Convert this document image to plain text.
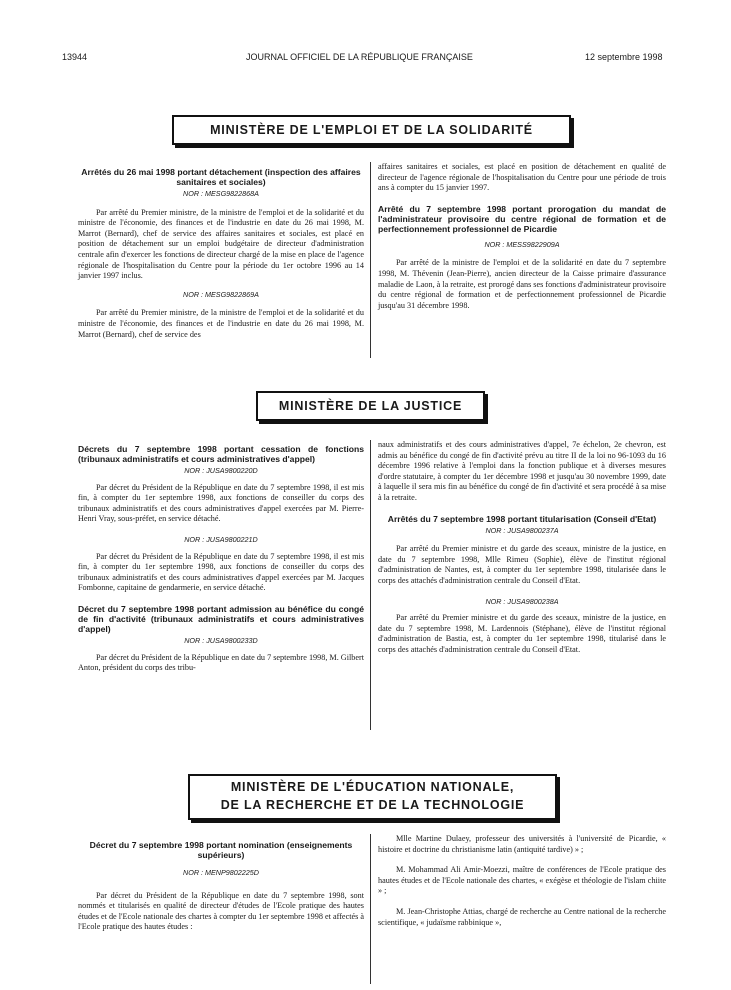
13944	JOURNAL OFFICIEL DE LA RÉPUBLIQUE FRANÇAISE	12 septembre 1998
MINISTÈRE DE L'EMPLOI ET DE LA SOLIDARITÉ

Arrêtés du 26 mai 1998 portant détachement (inspection des affaires sanitaires et sociales)

NOR : MESG9822868A

Par arrêté du Premier ministre, de la ministre de l'emploi et de la solidarité et du ministre de l'économie, des finances et de l'industrie en date du 26 mai 1998, M. Marrot (Bernard), chef de service des affaires sanitaires et sociales, est placé en position de détachement sur un emploi budgétaire de directeur d'administration centrale afin d'exercer les fonctions de directeur chargé de la mise en place de l'agence régionale de l'hospitalisation du Centre pour la période du 1er octobre 1996 au 14 janvier 1997 inclus.

NOR : MESG9822869A

Par arrêté du Premier ministre, de la ministre de l'emploi et de la solidarité et du ministre de l'économie, des finances et de l'industrie en date du 26 mai 1998, M. Marrot (Bernard), chef de service des

affaires sanitaires et sociales, est placé en position de détachement en qualité de directeur de l'agence régionale de l'hospitalisation du Centre pour une période de trois ans à compter du 15 janvier 1997.

Arrêté du 7 septembre 1998 portant prorogation du mandat de l'administrateur provisoire du centre régional de formation et de perfectionnement professionnel de Picardie

NOR : MESS9822909A

Par arrêté de la ministre de l'emploi et de la solidarité en date du 7 septembre 1998, M. Thévenin (Jean-Pierre), ancien directeur de la Caisse primaire d'assurance maladie de Laon, à la retraite, est prorogé dans ses fonctions d'administrateur provisoire du centre régional de formation et de perfectionnement professionnel de Picardie jusqu'au 31 décembre 1998.

MINISTÈRE DE LA JUSTICE

Décrets du 7 septembre 1998 portant cessation de fonctions (tribunaux administratifs et cours administratives d'appel)

NOR : JUSA9800220D

Par décret du Président de la République en date du 7 septembre 1998, il est mis fin, à compter du 1er septembre 1998, aux fonctions de conseiller du corps des tribunaux administratifs et des cours administratives d'appel exercées par M. Pierre-Henri Vray, sous-préfet, en service détaché.

NOR : JUSA9800221D

Par décret du Président de la République en date du 7 septembre 1998, il est mis fin, à compter du 1er septembre 1998, aux fonctions de conseiller du corps des tribunaux administratifs et des cours administratives d'appel exercées par M. Jacques Fombonne, capitaine de gendarmerie, en service détaché.

Décret du 7 septembre 1998 portant admission au bénéfice du congé de fin d'activité (tribunaux administratifs et cours administratives d'appel)

NOR : JUSA9800233D

Par décret du Président de la République en date du 7 septembre 1998, M. Gilbert Anton, président du corps des tribu-

naux administratifs et des cours administratives d'appel, 7e échelon, 2e chevron, est admis au bénéfice du congé de fin d'activité prévu au titre II de la loi no 96-1093 du 16 décembre 1996 relative à l'emploi dans la fonction publique et à diverses mesures d'ordre statutaire, à compter du 1er décembre 1998 et jusqu'au 30 novembre 1999, date à laquelle il sera mis fin au bénéfice du congé de fin d'activité et sera procédé à sa mise à la retraite.

Arrêtés du 7 septembre 1998 portant titularisation (Conseil d'Etat)

NOR : JUSA9800237A

Par arrêté du Premier ministre et du garde des sceaux, ministre de la justice, en date du 7 septembre 1998, Mlle Rimeu (Sophie), élève de l'institut régional d'administration de Nantes, est, à compter du 1er septembre 1998, titularisée dans le corps des attachés d'administration centrale du Conseil d'Etat.

NOR : JUSA9800238A

Par arrêté du Premier ministre et du garde des sceaux, ministre de la justice, en date du 7 septembre 1998, M. Lardennois (Stéphane), élève de l'institut régional d'administration de Bastia, est, à compter du 1er septembre 1998, titularisé dans le corps des attachés d'administration centrale du Conseil d'Etat.

MINISTÈRE DE L'ÉDUCATION NATIONALE,
DE LA RECHERCHE ET DE LA TECHNOLOGIE

Décret du 7 septembre 1998 portant nomination (enseignements supérieurs)

NOR : MENP9802225D

Par décret du Président de la République en date du 7 septembre 1998, sont nommés et titularisés en qualité de directeur d'études de l'Ecole pratique des hautes études et de l'Ecole nationale des chartes à compter du 1er septembre 1998 et affectés à l'Ecole pratique des hautes études :

Mlle Martine Dulaey, professeur des universités à l'université de Picardie, « histoire et doctrine du christianisme latin (antiquité tardive) » ;

M. Mohammad Ali Amir-Moezzi, maître de conférences de l'Ecole pratique des hautes études et de l'Ecole nationale des chartes, « exégèse et théologie de l'islam chiite » ;

M. Jean-Christophe Attias, chargé de recherche au Centre national de la recherche scientifique, « judaïsme rabbinique »,
